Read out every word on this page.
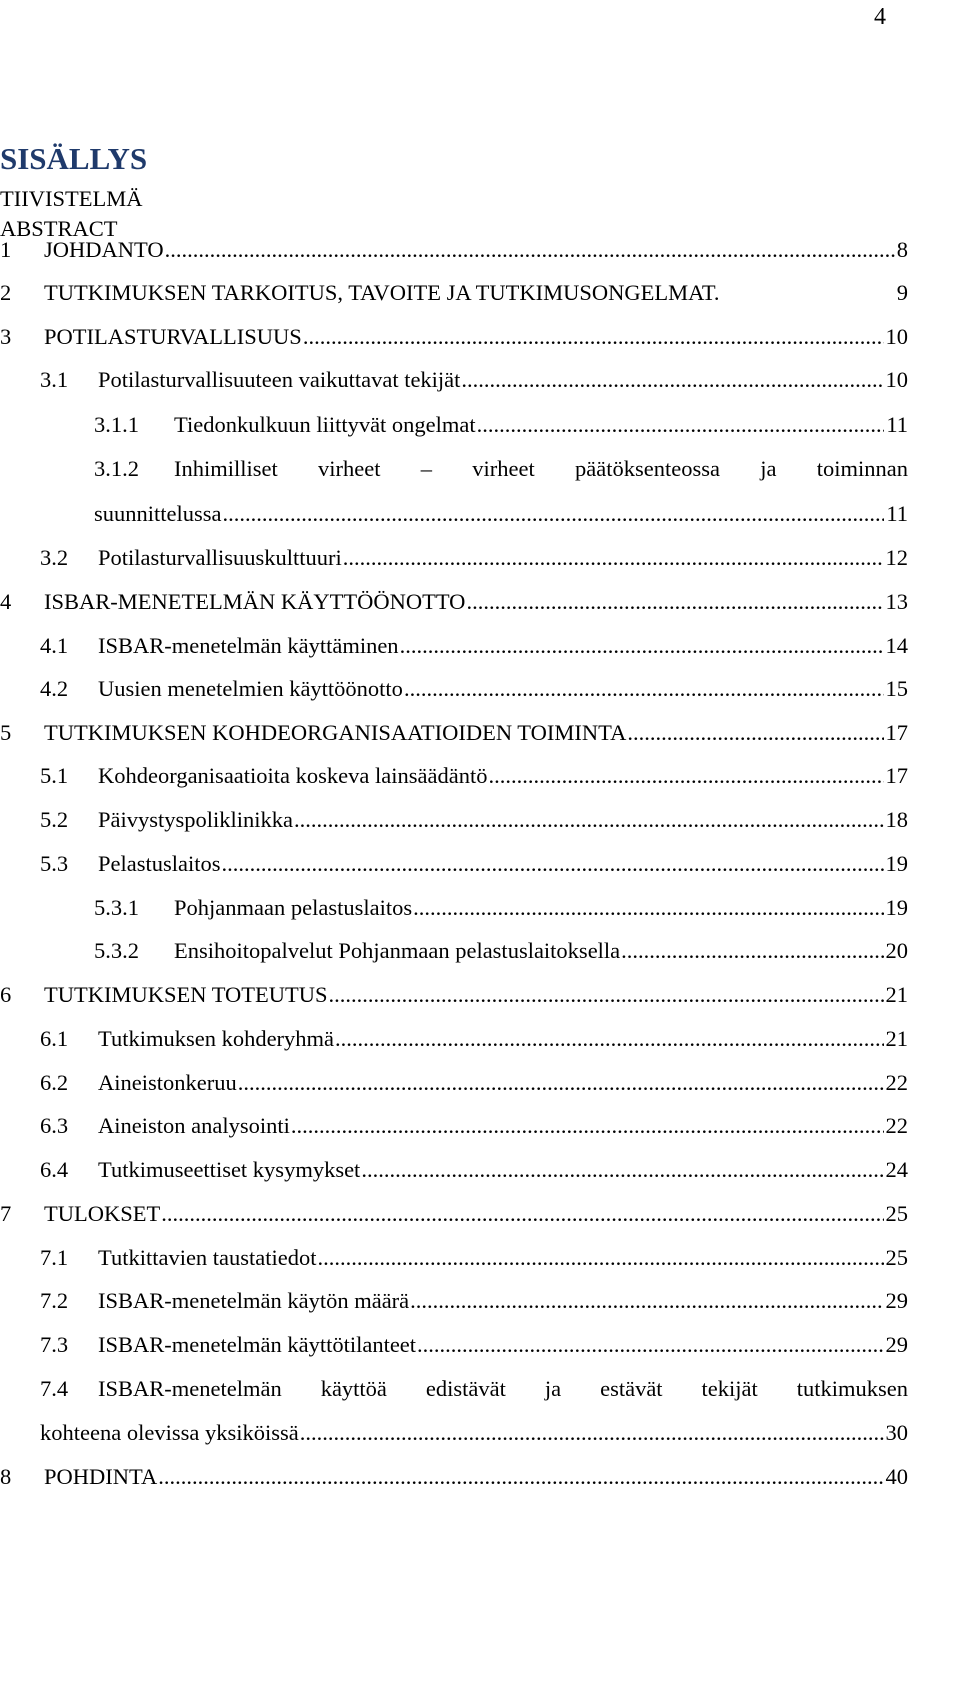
4
SISÄLLYS
TIIVISTELMÄ
ABSTRACT
1 JOHDANTO .....	8
2 TUTKIMUKSEN TARKOITUS, TAVOITE JA TUTKIMUSONGELMAT.	9
3 POTILASTURVALLISUUS .....	10
3.1 Potilasturvallisuuteen vaikuttavat tekijät .....	10
3.1.1 Tiedonkulkuun liittyvät ongelmat .....	11
3.1.2 Inhimilliset virheet – virheet päätöksenteossa ja toiminnan
suunnittelussa .....	11
3.2 Potilasturvallisuuskulttuuri .....	12
4 ISBAR-MENETELMÄN KÄYTTÖÖNOTTO .....	13
4.1 ISBAR-menetelmän käyttäminen .....	14
4.2 Uusien menetelmien käyttöönotto .....	15
5 TUTKIMUKSEN KOHDEORGANISAATIOIDEN TOIMINTA .....	17
5.1 Kohdeorganisaatioita koskeva lainsäädäntö .....	17
5.2 Päivystyspoliklinikka .....	18
5.3 Pelastuslaitos .....	19
5.3.1 Pohjanmaan pelastuslaitos .....	19
5.3.2 Ensihoitopalvelut Pohjanmaan pelastuslaitoksella .....	20
6 TUTKIMUKSEN TOTEUTUS .....	21
6.1 Tutkimuksen kohderyhmä .....	21
6.2 Aineistonkeruu .....	22
6.3 Aineiston analysointi .....	22
6.4 Tutkimuseettiset kysymykset .....	24
7 TULOKSET .....	25
7.1 Tutkittavien taustatiedot .....	25
7.2 ISBAR-menetelmän käytön määrä .....	29
7.3 ISBAR-menetelmän käyttötilanteet .....	29
7.4 ISBAR-menetelmän käyttöä edistävät ja estävät tekijät tutkimuksen
kohteena olevissa yksiköissä .....	30
8 POHDINTA .....	40
